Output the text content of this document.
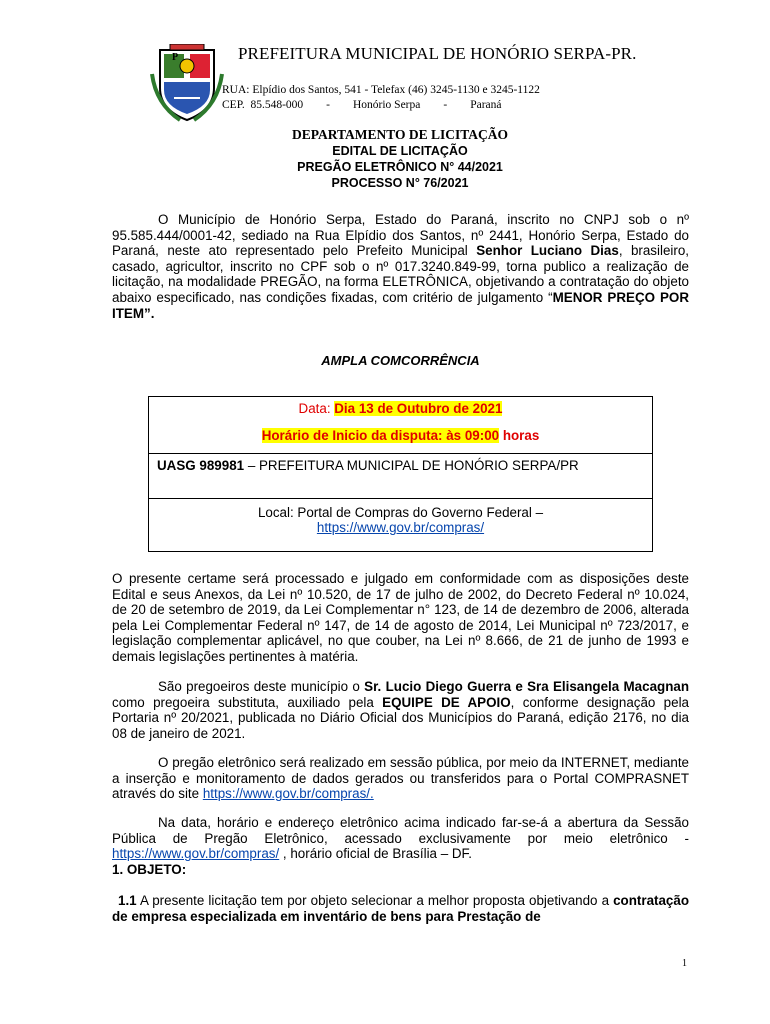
P	PREFEITURA MUNICIPAL DE HONÓRIO SERPA-PR.
RUA: Elpídio dos Santos, 541 - Telefax (46) 3245-1130 e 3245-1122
CEP.  85.548-000        -        Honório Serpa        -        Paraná
DEPARTAMENTO DE LICITAÇÃO
EDITAL DE LICITAÇÃO
PREGÃO ELETRÔNICO N° 44/2021
PROCESSO N° 76/2021
O Município de Honório Serpa, Estado do Paraná, inscrito no CNPJ sob o nº 95.585.444/0001-42, sediado na Rua Elpídio dos Santos, nº 2441, Honório Serpa, Estado do Paraná, neste ato representado pelo Prefeito Municipal Senhor Luciano Dias, brasileiro, casado, agricultor, inscrito no CPF sob o nº 017.3240.849-99, torna publico a realização de licitação, na modalidade PREGÃO, na forma ELETRÔNICA, objetivando a contratação do objeto abaixo especificado, nas condições fixadas, com critério de julgamento “MENOR PREÇO POR ITEM”.
AMPLA COMCORRÊNCIA
Data: Dia 13 de Outubro de 2021
Horário de Inicio da disputa: às 09:00 horas

UASG 989981 – PREFEITURA MUNICIPAL DE HONÓRIO SERPA/PR

Local: Portal de Compras do Governo Federal –
https://www.gov.br/compras/
O presente certame será processado e julgado em conformidade com as disposições deste Edital e seus Anexos, da Lei nº 10.520, de 17 de julho de 2002, do Decreto Federal nº 10.024, de 20 de setembro de 2019, da Lei Complementar n° 123, de 14 de dezembro de 2006, alterada pela Lei Complementar Federal nº 147, de 14 de agosto de 2014, Lei Municipal nº 723/2017, e legislação complementar aplicável, no que couber, na Lei nº 8.666, de 21 de junho de 1993 e demais legislações pertinentes à matéria.
São pregoeiros deste município o Sr. Lucio Diego Guerra e Sra Elisangela Macagnan como pregoeira substituta, auxiliado pela EQUIPE DE APOIO, conforme designação pela Portaria nº 20/2021, publicada no Diário Oficial dos Municípios do Paraná, edição 2176, no dia 08 de janeiro de 2021.
O pregão eletrônico será realizado em sessão pública, por meio da INTERNET, mediante a inserção e monitoramento de dados gerados ou transferidos para o Portal COMPRASNET através do site https://www.gov.br/compras/.
Na data, horário e endereço eletrônico acima indicado far-se-á a abertura da Sessão Pública de Pregão Eletrônico, acessado exclusivamente por meio eletrônico - https://www.gov.br/compras/ , horário oficial de Brasília – DF.
1. OBJETO:
1.1 A presente licitação tem por objeto selecionar a melhor proposta objetivando a contratação de empresa especializada em inventário de bens para Prestação de
1
